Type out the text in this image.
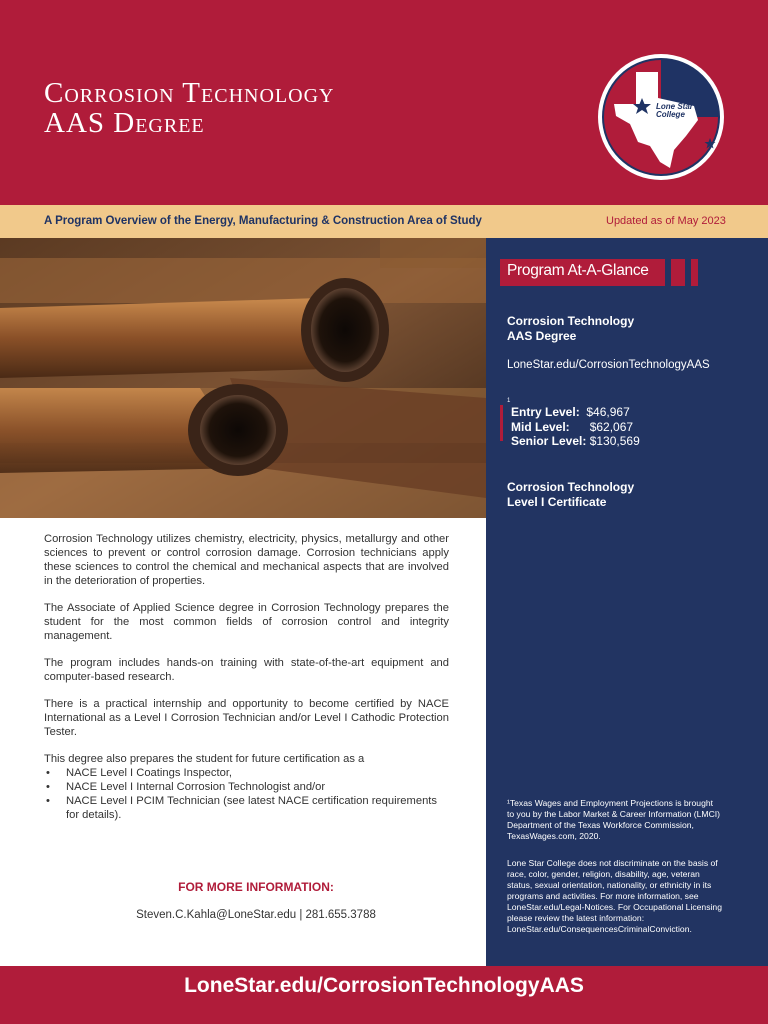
Corrosion Technology
AAS Degree
Lone Star
College
A Program Overview of the Energy, Manufacturing & Construction Area of Study	Updated as of May 2023
Program At-A-Glance
Corrosion Technology
AAS Degree
LoneStar.edu/CorrosionTechnologyAAS
1
Entry Level: $46,967
Mid Level: $62,067
Senior Level: $130,569
Corrosion Technology
Level I Certificate
¹Texas Wages and Employment Projections is brought to you by the Labor Market & Career Information (LMCI) Department of the Texas Workforce Commission, TexasWages.com, 2020.
Lone Star College does not discriminate on the basis of race, color, gender, religion, disability, age, veteran status, sexual orientation, nationality, or ethnicity in its programs and activities. For more information, see LoneStar.edu/Legal-Notices. For Occupational Licensing please review the latest information: LoneStar.edu/ConsequencesCriminalConviction.

Corrosion Technology utilizes chemistry, electricity, physics, metallurgy and other sciences to prevent or control corrosion damage. Corrosion technicians apply these sciences to control the chemical and mechanical aspects that are involved in the deterioration of properties.

The Associate of Applied Science degree in Corrosion Technology prepares the student for the most common fields of corrosion control and integrity management.

The program includes hands-on training with state-of-the-art equipment and computer-based research.

There is a practical internship and opportunity to become certified by NACE International as a Level I Corrosion Technician and/or Level I Cathodic Protection Tester.

This degree also prepares the student for future certification as a

• NACE Level I Coatings Inspector,
• NACE Level I Internal Corrosion Technologist and/or
• NACE Level I PCIM Technician (see latest NACE certification requirements for details).
FOR MORE INFORMATION:
Steven.C.Kahla@LoneStar.edu | 281.655.3788
LoneStar.edu/CorrosionTechnologyAAS
